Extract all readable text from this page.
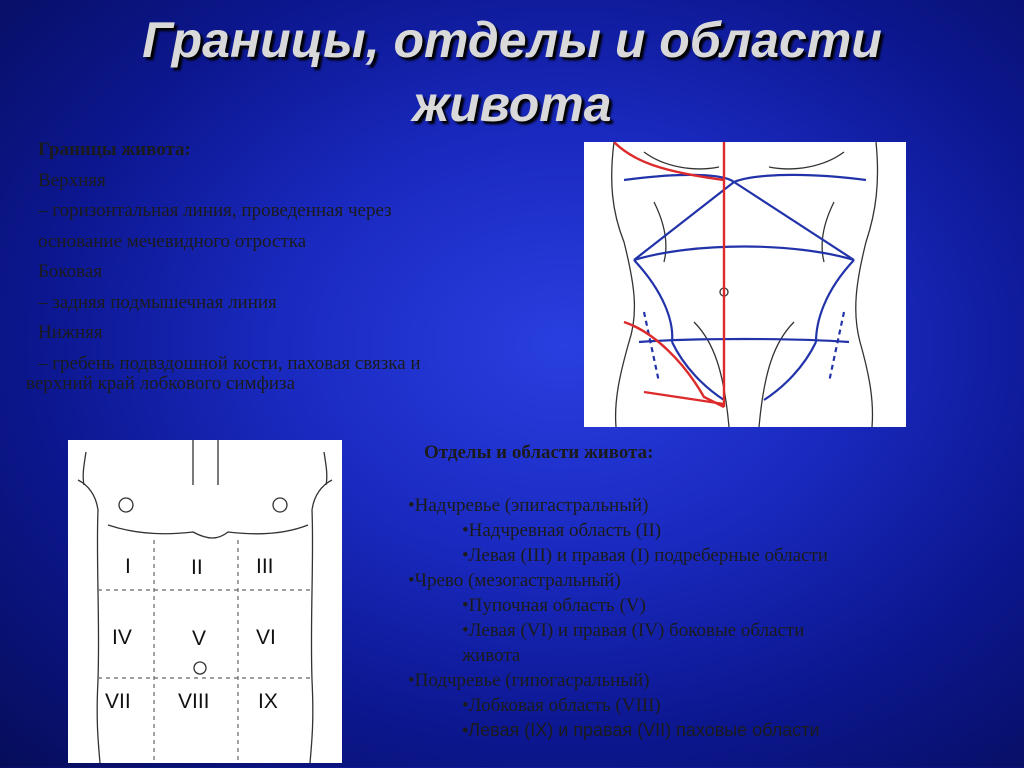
Границы, отделы и области
живота
Границы живота:
Верхняя
– горизонтальная линия, проведенная через
основание мечевидного отростка
Боковая
– задняя подмышечная линия
Нижняя
– гребень подвздошной кости, паховая связка и
верхний край лобкового симфиза
I	II	III
IV	V VI
VII VIII IX
Отделы и области живота:
•Надчревье (эпигастральный)
•Надчревная область (II)
•Левая (III) и правая (I) подреберные области
•Чрево (мезогастральный)
•Пупочная область (V)
•Левая (VI) и правая (IV) боковые области
живота
•Подчревье (гипогасральный)
•Лобковая область (VIII)
•Левая (IX) и правая (VII) паховые области
